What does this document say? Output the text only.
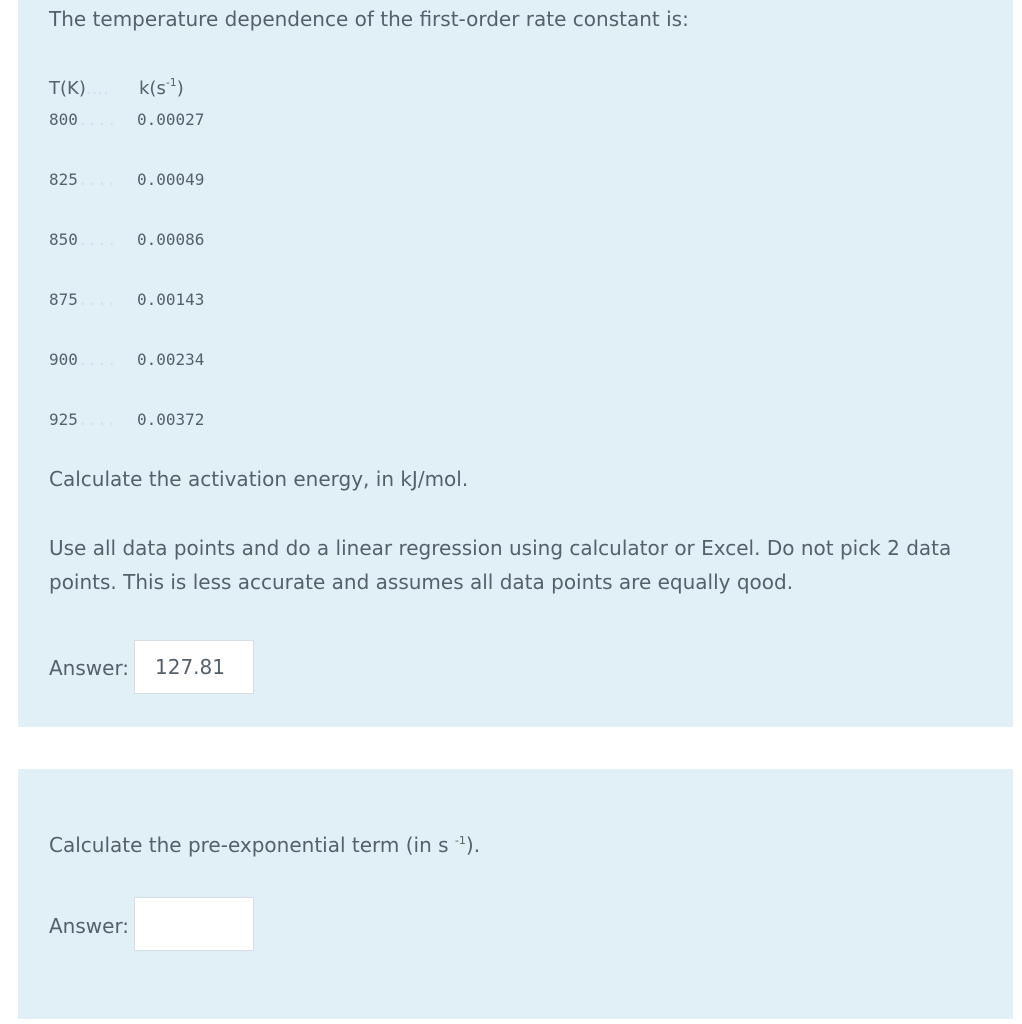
The temperature dependence of the first-order rate constant is:

T(K)....	$k(s^{-1})$
800....	0.00027
825....	0.00049
850....	0.00086
875....	0.00143
900....	0.00234
925....	0.00372

Calculate the activation energy, in kJ/mol.

Use all data points and do a linear regression using calculator or Excel. Do not pick 2 data points. This is less accurate and assumes all data points are equally qood.

Answer:
127.81

Calculate the pre-exponential term (in s $^{-1}$).

Answer:
